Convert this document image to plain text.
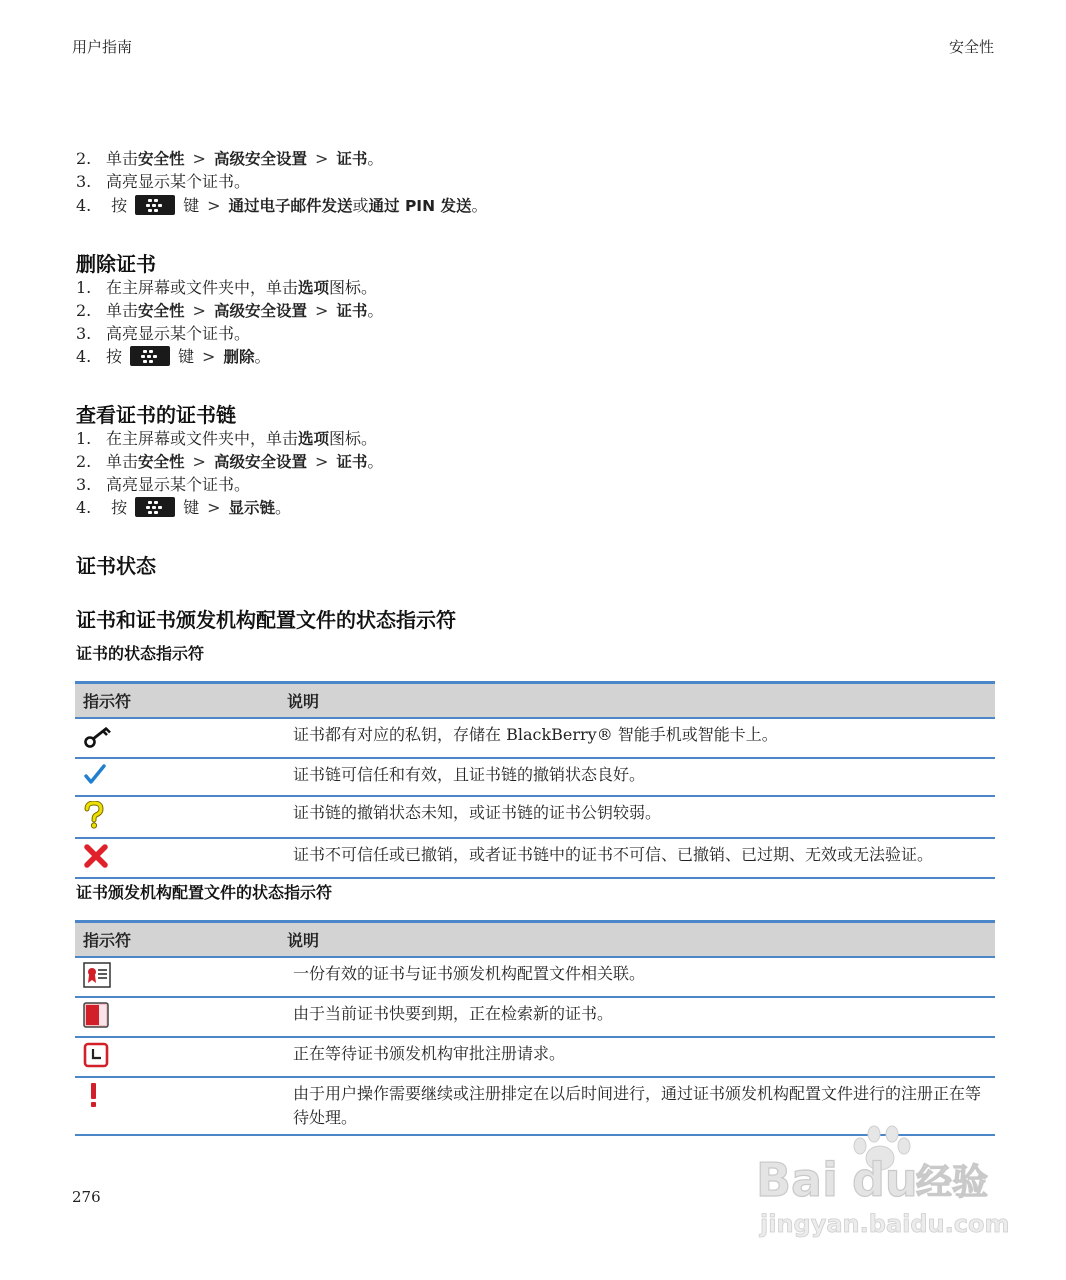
用户指南	安全性
2. 单击安全性 > 高级安全设置 > 证书。
3. 高亮显示某个证书。
4. 按	键 > 通过电子邮件发送或通过 PIN 发送。
删除证书
1. 在主屏幕或文件夹中，单击选项图标。
2. 单击安全性 > 高级安全设置 > 证书。
3. 高亮显示某个证书。
4. 按	键 > 删除。
查看证书的证书链
1. 在主屏幕或文件夹中，单击选项图标。
2. 单击安全性 > 高级安全设置 > 证书。
3. 高亮显示某个证书。
4. 按	键 > 显示链。
证书状态
证书和证书颁发机构配置文件的状态指示符
证书的状态指示符
指示符	说明
	证书都有对应的私钥，存储在 BlackBerry® 智能手机或智能卡上。
	证书链可信任和有效，且证书链的撤销状态良好。
	证书链的撤销状态未知，或证书链的证书公钥较弱。
	证书不可信任或已撤销，或者证书链中的证书不可信、已撤销、已过期、无效或无法验证。
证书颁发机构配置文件的状态指示符
指示符	说明
	一份有效的证书与证书颁发机构配置文件相关联。
	由于当前证书快要到期，正在检索新的证书。
	正在等待证书颁发机构审批注册请求。
	由于用户操作需要继续或注册排定在以后时间进行，通过证书颁发机构配置文件进行的注册正在等待处理。
276	Bai du
经验
jingyan.baidu.com
